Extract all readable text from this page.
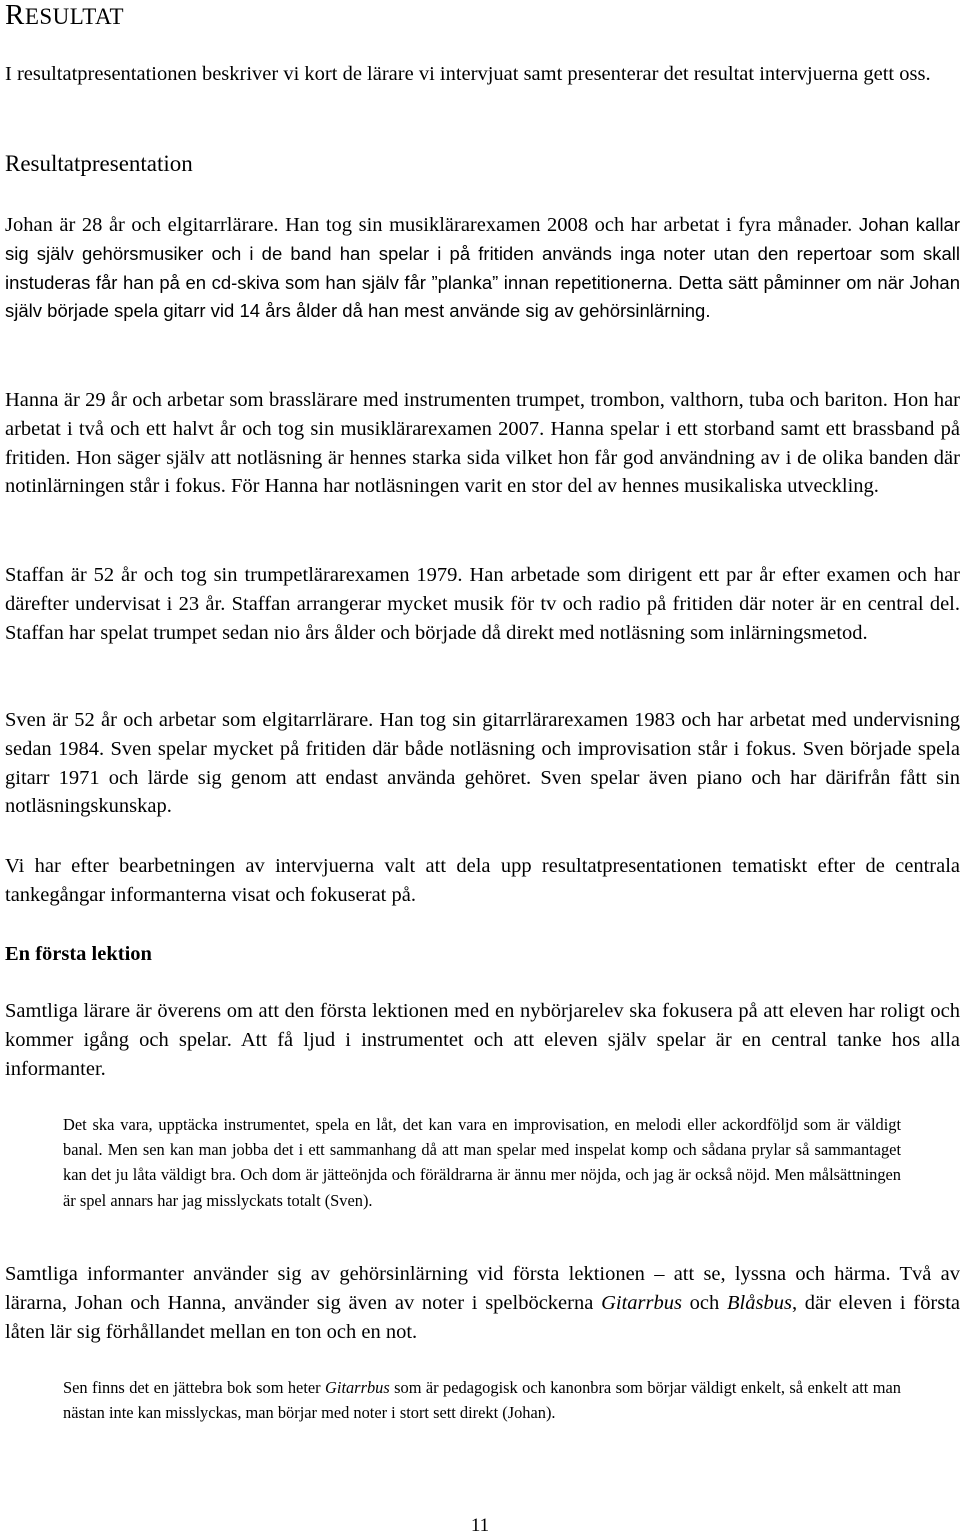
RESULTAT

I resultatpresentationen beskriver vi kort de lärare vi intervjuat samt presenterar det resultat intervjuerna gett oss.

Resultatpresentation

Johan är 28 år och elgitarrlärare. Han tog sin musiklärarexamen 2008 och har arbetat i fyra månader. Johan kallar sig själv gehörsmusiker och i de band han spelar i på fritiden används inga noter utan den repertoar som skall instuderas får han på en cd-skiva som han själv får ”planka” innan repetitionerna. Detta sätt påminner om när Johan själv började spela gitarr vid 14 års ålder då han mest använde sig av gehörsinlärning.

Hanna är 29 år och arbetar som brasslärare med instrumenten trumpet, trombon, valthorn, tuba och bariton. Hon har arbetat i två och ett halvt år och tog sin musiklärarexamen 2007. Hanna spelar i ett storband samt ett brassband på fritiden. Hon säger själv att notläsning är hennes starka sida vilket hon får god användning av i de olika banden där notinlärningen står i fokus. För Hanna har notläsningen varit en stor del av hennes musikaliska utveckling.

Staffan är 52 år och tog sin trumpetlärarexamen 1979. Han arbetade som dirigent ett par år efter examen och har därefter undervisat i 23 år. Staffan arrangerar mycket musik för tv och radio på fritiden där noter är en central del. Staffan har spelat trumpet sedan nio års ålder och började då direkt med notläsning som inlärningsmetod.

Sven är 52 år och arbetar som elgitarrlärare. Han tog sin gitarrlärarexamen 1983 och har arbetat med undervisning sedan 1984. Sven spelar mycket på fritiden där både notläsning och improvisation står i fokus. Sven började spela gitarr 1971 och lärde sig genom att endast använda gehöret. Sven spelar även piano och har därifrån fått sin notläsningskunskap.

Vi har efter bearbetningen av intervjuerna valt att dela upp resultatpresentationen tematiskt efter de centrala tankegångar informanterna visat och fokuserat på.

En första lektion

Samtliga lärare är överens om att den första lektionen med en nybörjarelev ska fokusera på att eleven har roligt och kommer igång och spelar. Att få ljud i instrumentet och att eleven själv spelar är en central tanke hos alla informanter.

Det ska vara, upptäcka instrumentet, spela en låt, det kan vara en improvisation, en melodi eller ackordföljd som är väldigt banal. Men sen kan man jobba det i ett sammanhang då att man spelar med inspelat komp och sådana prylar så sammantaget kan det ju låta väldigt bra. Och dom är jätteönjda och föräldrarna är ännu mer nöjda, och jag är också nöjd. Men målsättningen är spel annars har jag misslyckats totalt (Sven).

Samtliga informanter använder sig av gehörsinlärning vid första lektionen – att se, lyssna och härma. Två av lärarna, Johan och Hanna, använder sig även av noter i spelböckerna Gitarrbus och Blåsbus, där eleven i första låten lär sig förhållandet mellan en ton och en not.

Sen finns det en jättebra bok som heter Gitarrbus som är pedagogisk och kanonbra som börjar väldigt enkelt, så enkelt att man nästan inte kan misslyckas, man börjar med noter i stort sett direkt (Johan).

11
